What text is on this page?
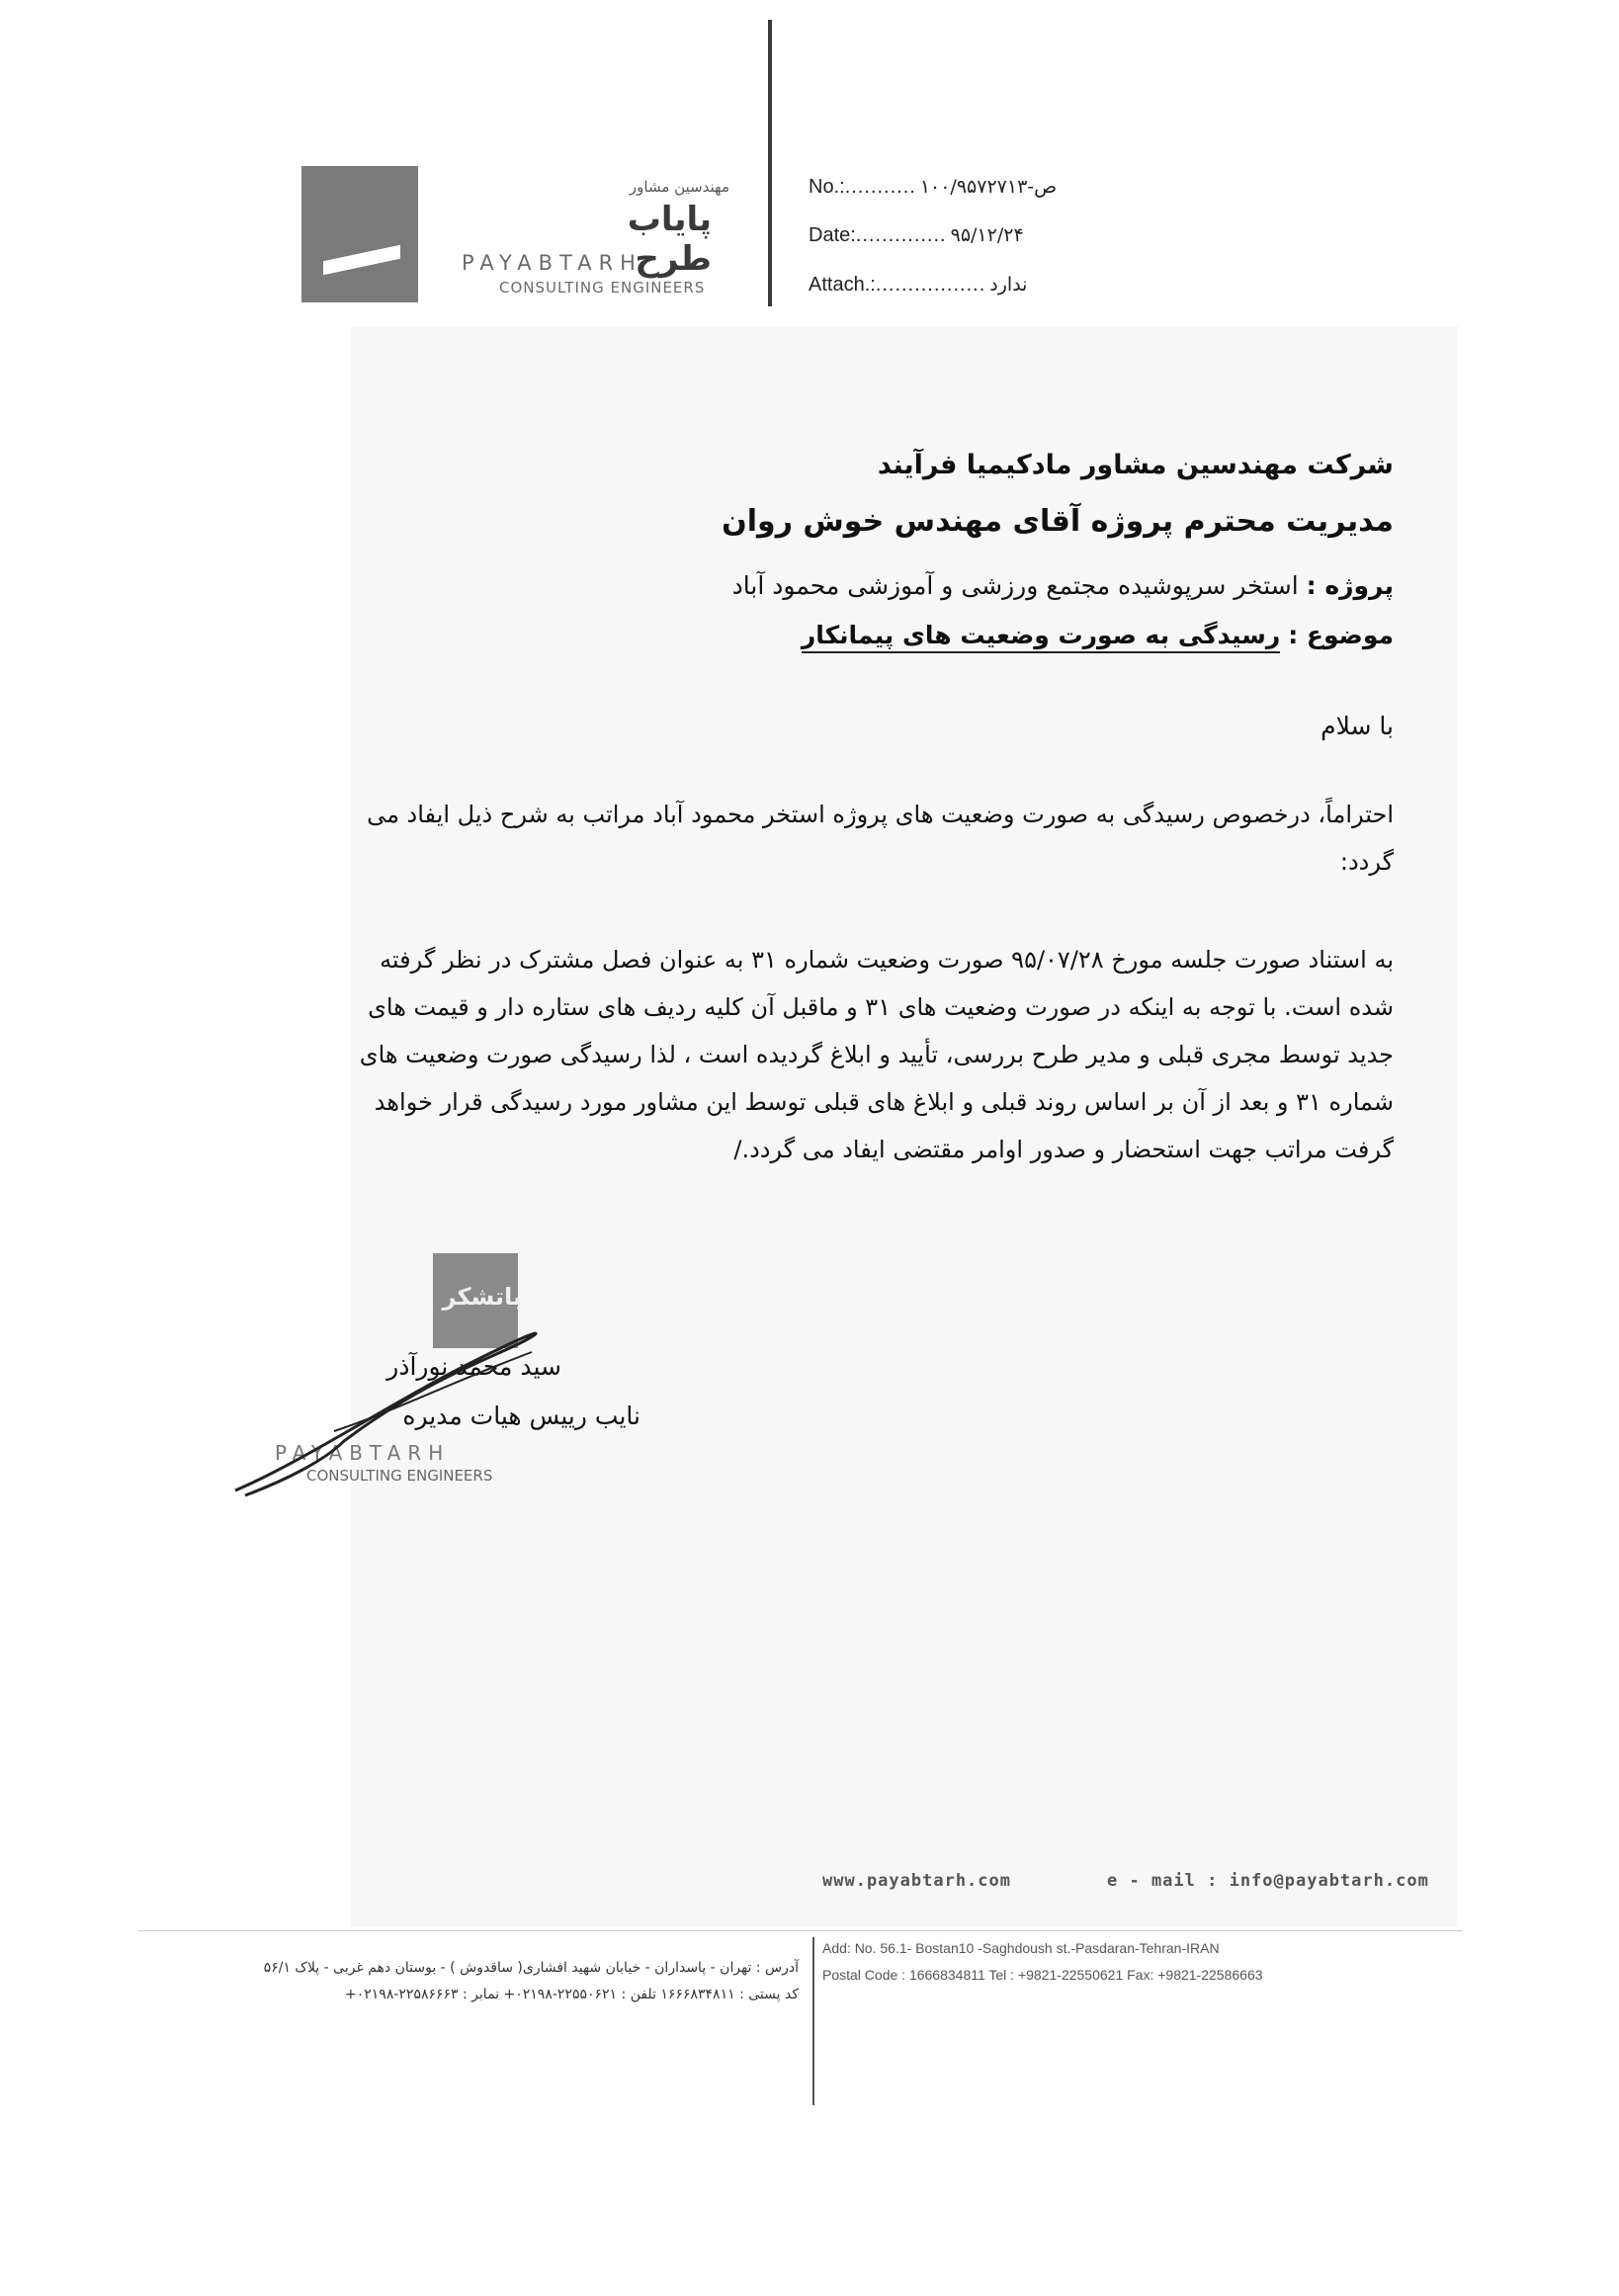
مهندسین مشاور
پایاب طرح
PAYABTARH
CONSULTING ENGINEERS
No.:........... ۱۰۰/۹۵ص-۷۲۷۱۳
Date:.............. ۹۵/۱۲/۲۴
Attach.:................. ندارد
شرکت مهندسین مشاور مادکیمیا فرآیند
مدیریت محترم پروژه آقای مهندس خوش روان
پروژه : استخر سرپوشیده مجتمع ورزشی و آموزشی محمود آباد
موضوع : رسیدگی به صورت وضعیت های پیمانکار
با سلام
احتراماً، درخصوص رسیدگی به صورت وضعیت های پروژه استخر محمود آباد مراتب به شرح ذیل ایفاد می
گردد:
به استناد صورت جلسه مورخ ۹۵/۰۷/۲۸ صورت وضعیت شماره ۳۱ به عنوان فصل مشترک در نظر گرفته
شده است. با توجه به اینکه در صورت وضعیت های ۳۱ و ماقبل آن کلیه ردیف های ستاره دار و قیمت های
جدید توسط مجری قبلی و مدیر طرح بررسی، تأیید و ابلاغ گردیده است ، لذا رسیدگی صورت وضعیت های
شماره ۳۱ و بعد از آن بر اساس روند قبلی و ابلاغ های قبلی توسط این مشاور مورد رسیدگی قرار خواهد
گرفت مراتب جهت استحضار و صدور اوامر مقتضی ایفاد می گردد./
باتشکر
سید محمد نورآذر
نایب رییس هیات مدیره
PAYABTARH
CONSULTING ENGINEERS
www.payabtarh.com	e - mail : info@payabtarh.com
Add: No. 56.1- Bostan10 -Saghdoush st.-Pasdaran-Tehran-IRAN
Postal Code : 1666834811 Tel : +9821-22550621 Fax: +9821-22586663
آدرس : تهران - پاسداران - خیابان شهید افشاری( ساقدوش ) - بوستان دهم غربی - پلاک ۵۶/۱
کد پستی : ۱۶۶۶۸۳۴۸۱۱ تلفن : ۲۲۵۵۰۶۲۱-۰۲۱۹۸+ نمابر : ۲۲۵۸۶۶۶۳-۰۲۱۹۸+
